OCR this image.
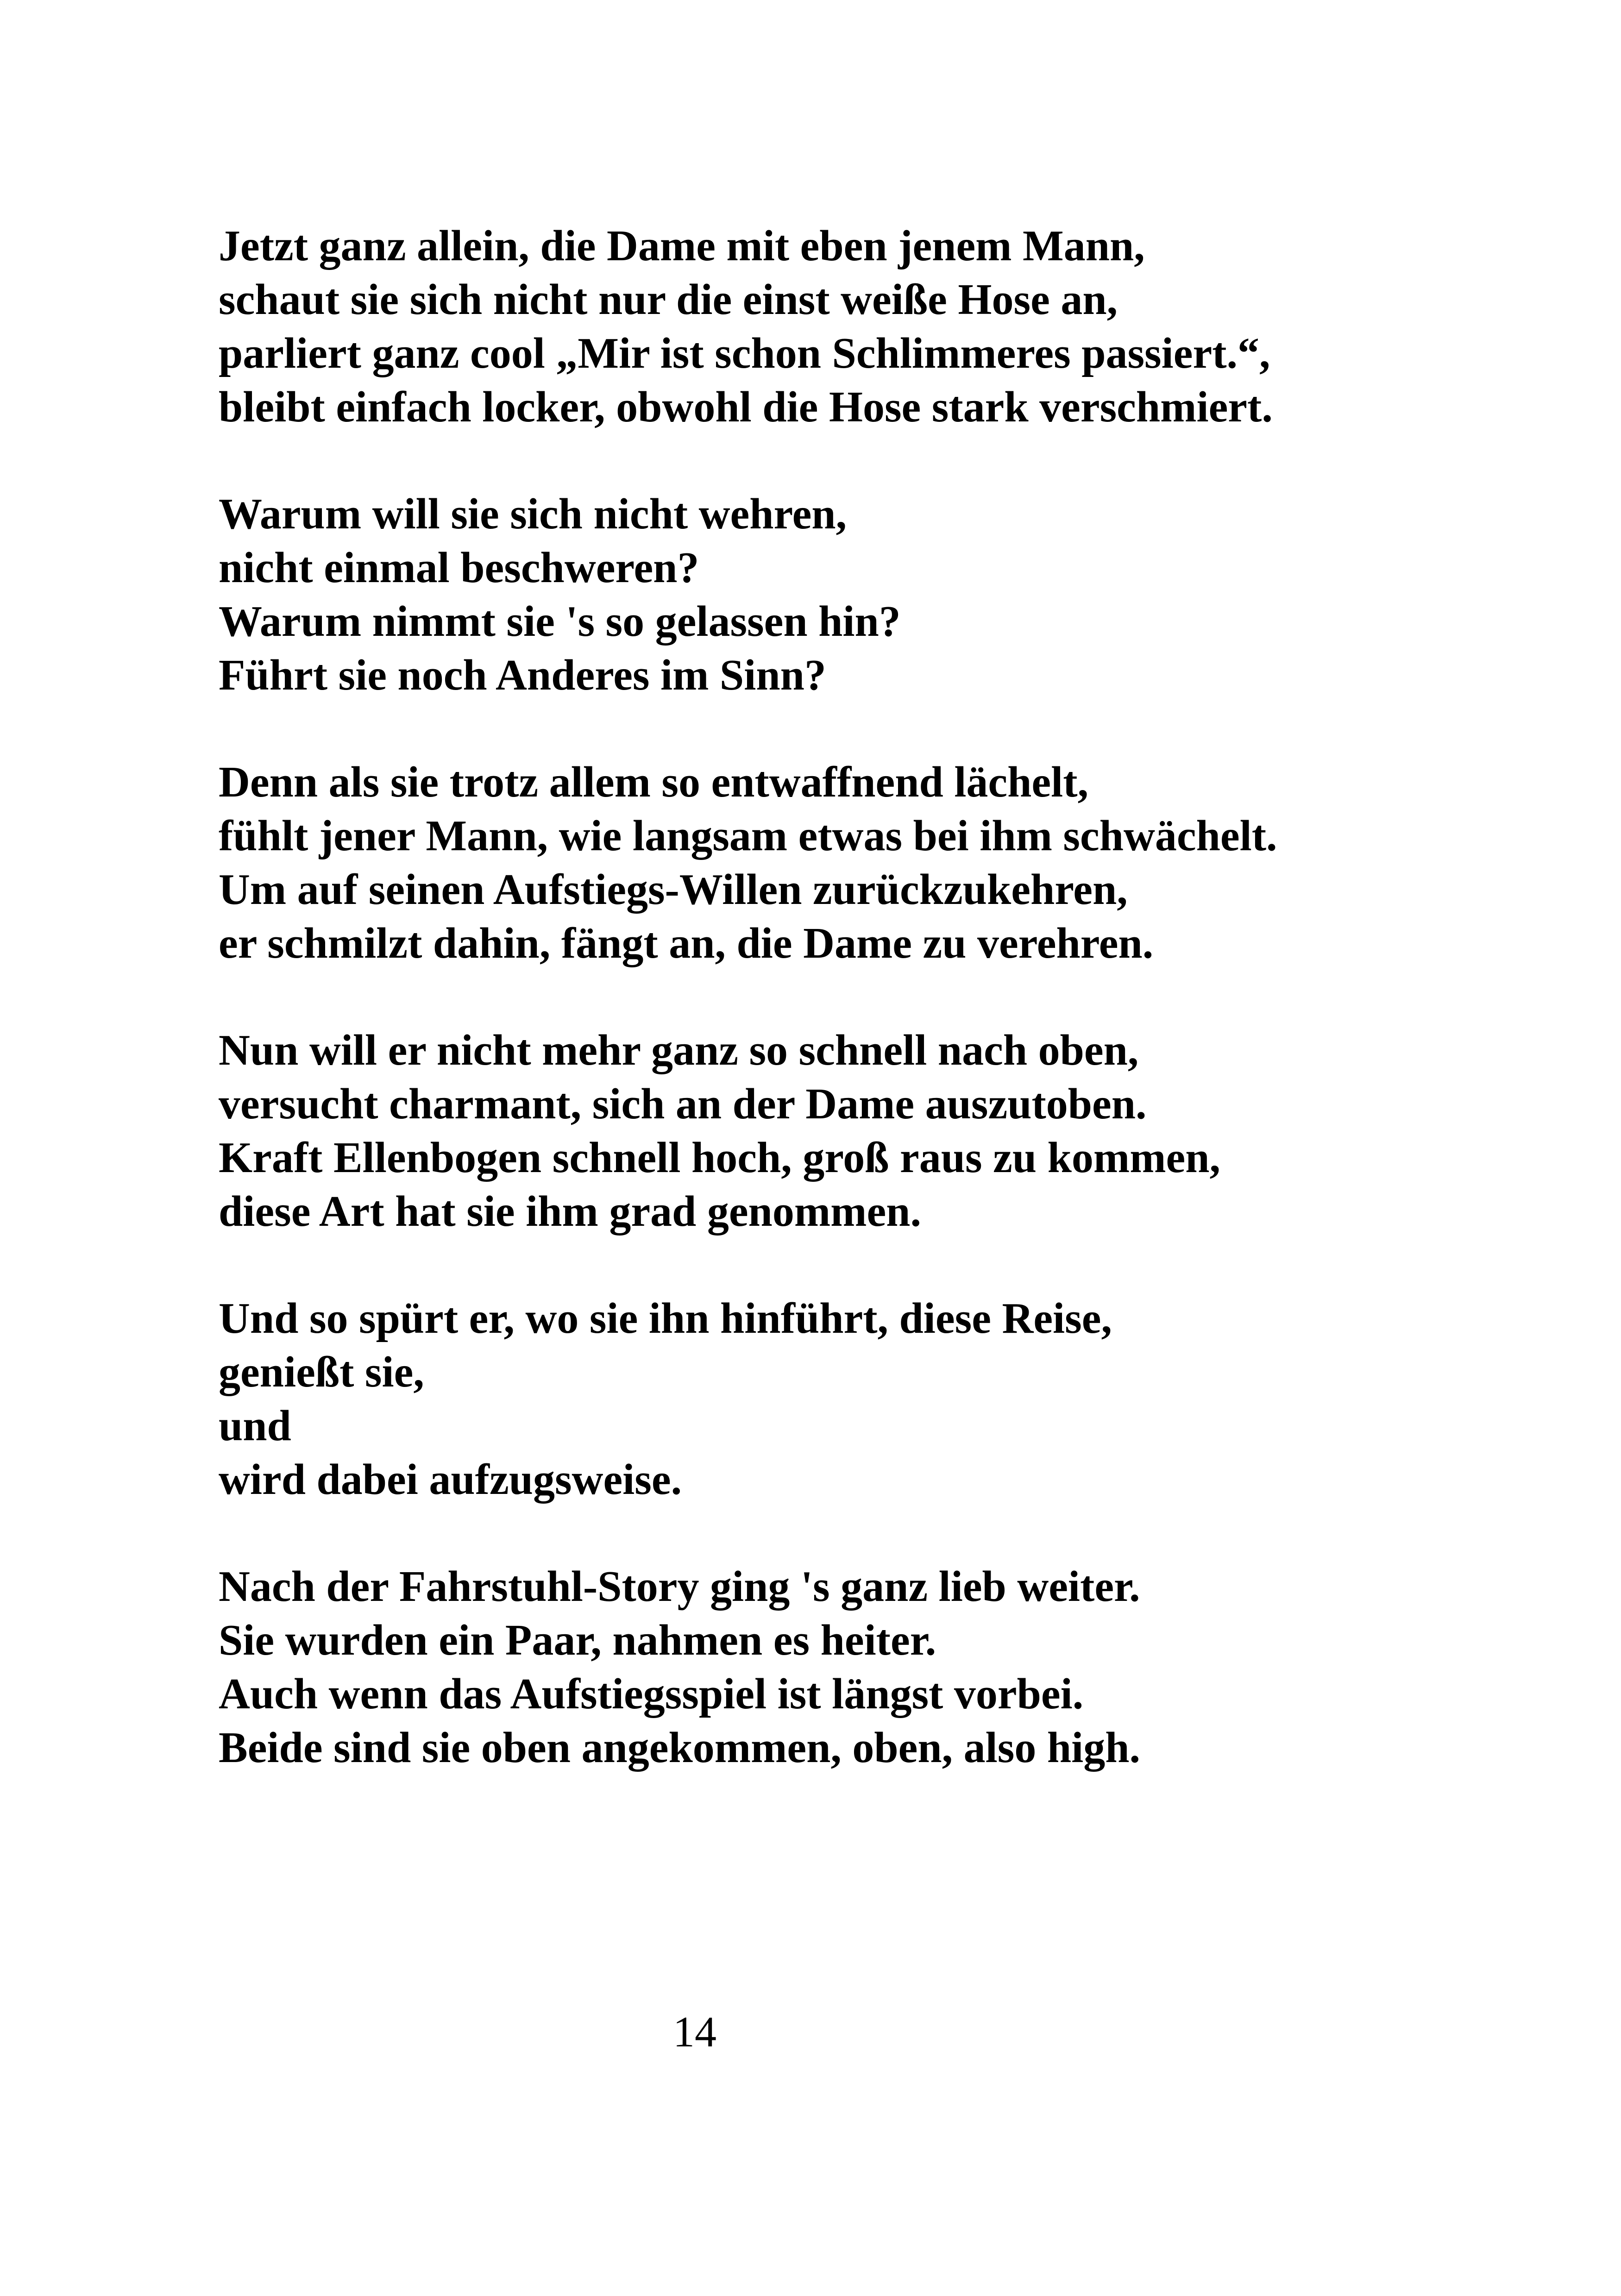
Jetzt ganz allein, die Dame mit eben jenem Mann,
schaut sie sich nicht nur die einst weiße Hose an,
parliert ganz cool „Mir ist schon Schlimmeres passiert.“,
bleibt einfach locker, obwohl die Hose stark verschmiert.
Warum will sie sich nicht wehren,
nicht einmal beschweren?
Warum nimmt sie 's so gelassen hin?
Führt sie noch Anderes im Sinn?
Denn als sie trotz allem so entwaffnend lächelt,
fühlt jener Mann, wie langsam etwas bei ihm schwächelt.
Um auf seinen Aufstiegs-Willen zurückzukehren,
er schmilzt dahin, fängt an, die Dame zu verehren.
Nun will er nicht mehr ganz so schnell nach oben,
versucht charmant, sich an der Dame auszutoben.
Kraft Ellenbogen schnell hoch, groß raus zu kommen,
diese Art hat sie ihm grad genommen.
Und so spürt er, wo sie ihn hinführt, diese Reise,
genießt sie,
und
wird dabei aufzugsweise.
Nach der Fahrstuhl-Story ging 's ganz lieb weiter.
Sie wurden ein Paar, nahmen es heiter.
Auch wenn das Aufstiegsspiel ist längst vorbei.
Beide sind sie oben angekommen, oben, also high.
14
